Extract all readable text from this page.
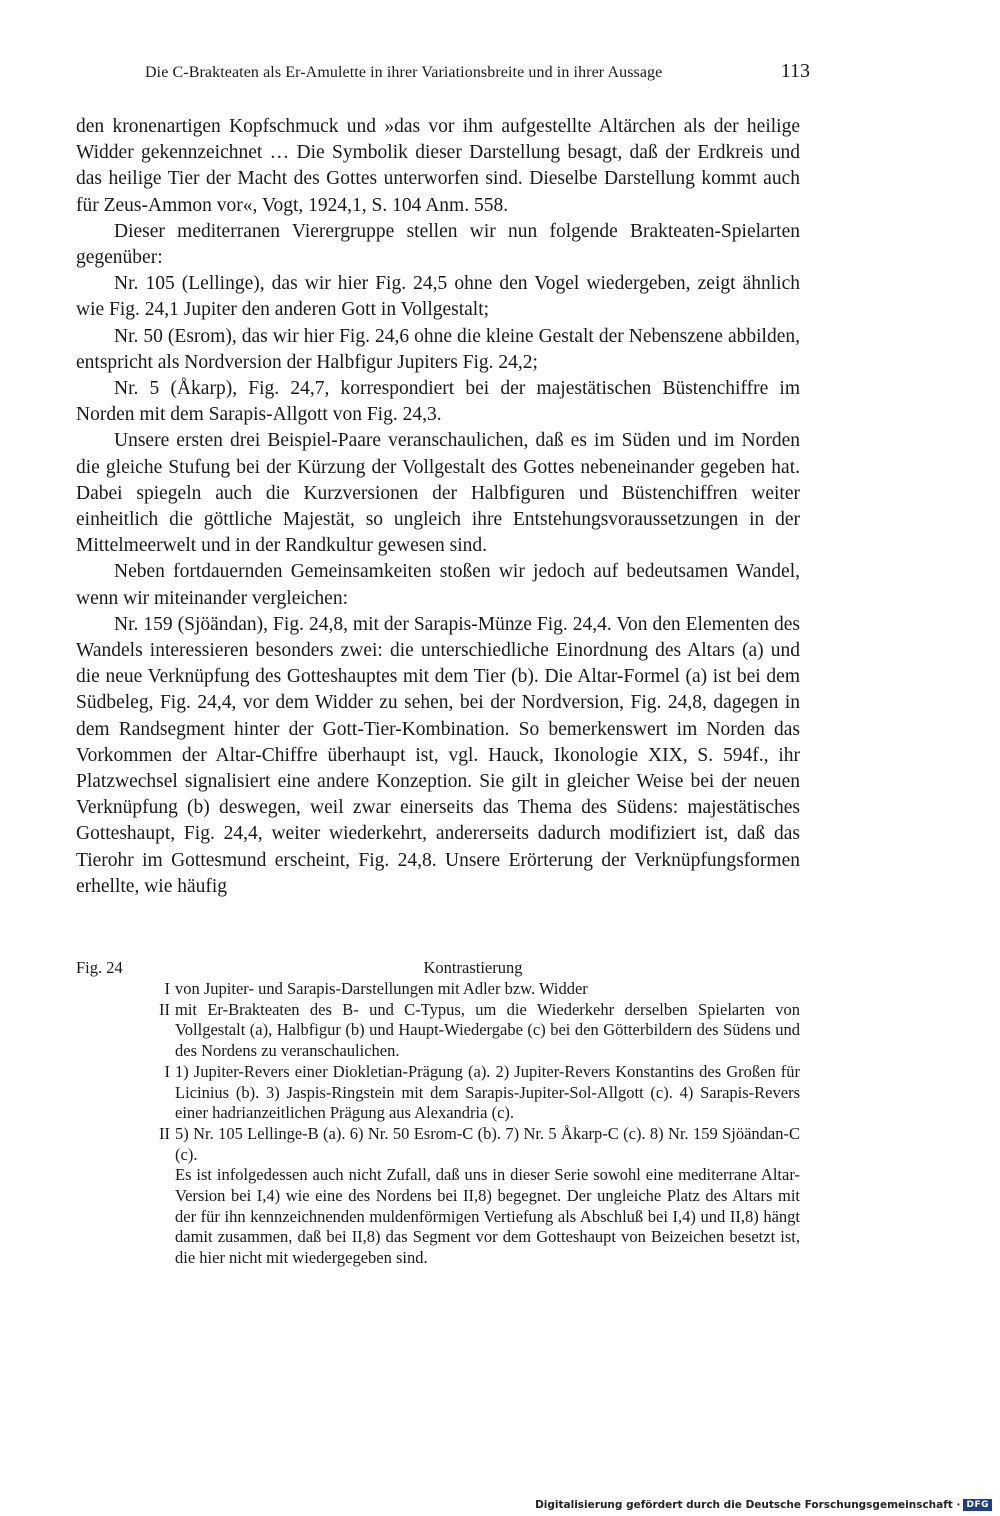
Die C-Brakteaten als Er-Amulette in ihrer Variationsbreite und in ihrer Aussage	113

den kronenartigen Kopfschmuck und »das vor ihm aufgestellte Altärchen als der heilige Widder gekennzeichnet … Die Symbolik dieser Darstellung besagt, daß der Erdkreis und das heilige Tier der Macht des Gottes unterworfen sind. Dieselbe Darstellung kommt auch für Zeus-Ammon vor«, Vogt, 1924,1, S. 104 Anm. 558.

Dieser mediterranen Vierergruppe stellen wir nun folgende Brakteaten-Spielarten gegenüber:

Nr. 105 (Lellinge), das wir hier Fig. 24,5 ohne den Vogel wiedergeben, zeigt ähnlich wie Fig. 24,1 Jupiter den anderen Gott in Vollgestalt;

Nr. 50 (Esrom), das wir hier Fig. 24,6 ohne die kleine Gestalt der Nebenszene abbilden, entspricht als Nordversion der Halbfigur Jupiters Fig. 24,2;

Nr. 5 (Åkarp), Fig. 24,7, korrespondiert bei der majestätischen Büstenchiffre im Norden mit dem Sarapis-Allgott von Fig. 24,3.

Unsere ersten drei Beispiel-Paare veranschaulichen, daß es im Süden und im Norden die gleiche Stufung bei der Kürzung der Vollgestalt des Gottes nebeneinander gegeben hat. Dabei spiegeln auch die Kurzversionen der Halbfiguren und Büstenchiffren weiter einheitlich die göttliche Majestät, so ungleich ihre Entstehungsvoraussetzungen in der Mittelmeerwelt und in der Randkultur gewesen sind.

Neben fortdauernden Gemeinsamkeiten stoßen wir jedoch auf bedeutsamen Wandel, wenn wir miteinander vergleichen:

Nr. 159 (Sjöändan), Fig. 24,8, mit der Sarapis-Münze Fig. 24,4. Von den Elementen des Wandels interessieren besonders zwei: die unterschiedliche Einordnung des Altars (a) und die neue Verknüpfung des Gotteshauptes mit dem Tier (b). Die Altar-Formel (a) ist bei dem Südbeleg, Fig. 24,4, vor dem Widder zu sehen, bei der Nordversion, Fig. 24,8, dagegen in dem Randsegment hinter der Gott-Tier-Kombination. So bemerkenswert im Norden das Vorkommen der Altar-Chiffre überhaupt ist, vgl. Hauck, Ikonologie XIX, S. 594f., ihr Platzwechsel signalisiert eine andere Konzeption. Sie gilt in gleicher Weise bei der neuen Verknüpfung (b) deswegen, weil zwar einerseits das Thema des Südens: majestätisches Gotteshaupt, Fig. 24,4, weiter wiederkehrt, andererseits dadurch modifiziert ist, daß das Tierohr im Gottesmund erscheint, Fig. 24,8. Unsere Erörterung der Verknüpfungsformen erhellte, wie häufig

Fig. 24	Kontrastierung
I von Jupiter- und Sarapis-Darstellungen mit Adler bzw. Widder
II mit Er-Brakteaten des B- und C-Typus, um die Wiederkehr derselben Spielarten von Vollgestalt (a), Halbfigur (b) und Haupt-Wiedergabe (c) bei den Götterbildern des Südens und des Nordens zu veranschaulichen.
I 1) Jupiter-Revers einer Diokletian-Prägung (a). 2) Jupiter-Revers Konstantins des Großen für Licinius (b). 3) Jaspis-Ringstein mit dem Sarapis-Jupiter-Sol-Allgott (c). 4) Sarapis-Revers einer hadrianzeitlichen Prägung aus Alexandria (c).
II 5) Nr. 105 Lellinge-B (a). 6) Nr. 50 Esrom-C (b). 7) Nr. 5 Åkarp-C (c). 8) Nr. 159 Sjöändan-C (c).
Es ist infolgedessen auch nicht Zufall, daß uns in dieser Serie sowohl eine mediterrane Altar-Version bei I,4) wie eine des Nordens bei II,8) begegnet. Der ungleiche Platz des Altars mit der für ihn kennzeichnenden muldenförmigen Vertiefung als Abschluß bei I,4) und II,8) hängt damit zusammen, daß bei II,8) das Segment vor dem Gotteshaupt von Beizeichen besetzt ist, die hier nicht mit wiedergegeben sind.
Digitalisierung gefördert durch die Deutsche Forschungsgemeinschaft · DFG
